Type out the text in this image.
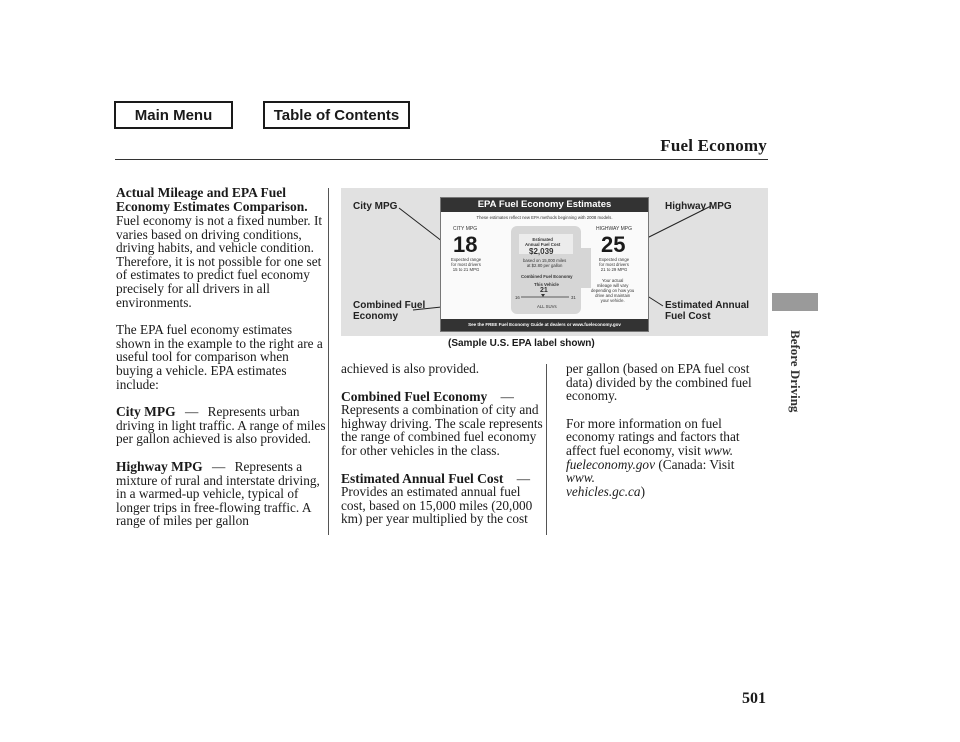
Main Menu	Table of Contents
Fuel Economy
Before Driving
Actual Mileage and EPA Fuel
Economy Estimates Comparison.

Fuel economy is not a fixed number. It varies based on driving conditions, driving habits, and vehicle condition. Therefore, it is not possible for one set of estimates to predict fuel economy precisely for all drivers in all environments.

The EPA fuel economy estimates shown in the example to the right are a useful tool for comparison when buying a vehicle. EPA estimates include:

City MPG — Represents urban driving in light traffic. A range of miles per gallon achieved is also provided.

Highway MPG — Represents a mixture of rural and interstate driving, in a warmed-up vehicle, typical of longer trips in free-flowing traffic. A range of miles per gallon

achieved is also provided.

Combined Fuel Economy —
Represents a combination of city and highway driving. The scale represents the range of combined fuel economy for other vehicles in the class.

Estimated Annual Fuel Cost —
Provides an estimated annual fuel cost, based on 15,000 miles (20,000 km) per year multiplied by the cost

per gallon (based on EPA fuel cost data) divided by the combined fuel economy.

For more information on fuel economy ratings and factors that affect fuel economy, visit www.
fueleconomy.gov (Canada: Visit www.
vehicles.gc.ca)

City MPG	Highway MPG
Combined Fuel
Economy
Estimated Annual
Fuel Cost
EPA Fuel Economy Estimates
These estimates reflect new EPA methods beginning with 2008 models.
CITY MPG
18
Expected range
for most drivers
15 to 21 MPG
HIGHWAY MPG
25
Expected range
for most drivers
21 to 29 MPG
Estimated
Annual Fuel Cost
$2,039
based on 15,000 miles
at $2.80 per gallon
Combined Fuel Economy
This Vehicle
21
16	31
ALL SUVs
Your actual
mileage will vary
depending on how you
drive and maintain
your vehicle.
See the FREE Fuel Economy Guide at dealers or www.fueleconomy.gov
(Sample U.S. EPA label shown)
501
